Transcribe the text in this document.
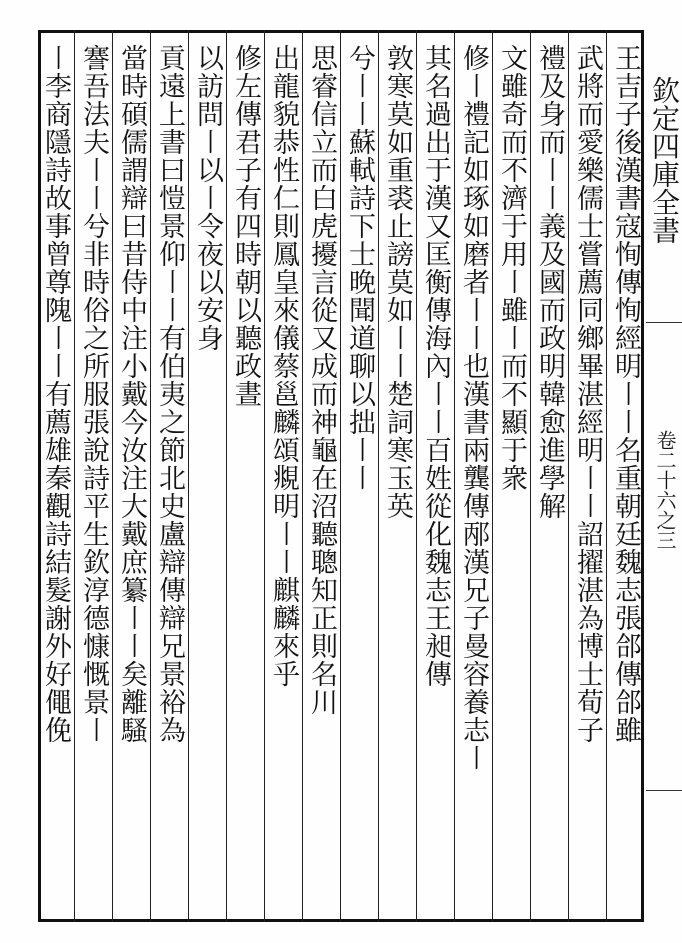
欽定四庫全書
卷二十六之三
王吉子後漢書寇恂傳恂經明〡〡名重朝廷魏志張郃傳郃雖
武將而愛樂儒士嘗薦同鄉畢湛經明〡〡詔擢湛為博士荀子
禮及身而〡〡義及國而政明韓愈進學解
文雖奇而不濟于用〡雖〡而不顯于衆
修〡禮記如琢如磨者〡〡也漢書兩龔傳邴漢兄子曼容養志〡
其名過出于漢又匡衡傳海內〡〡百姓從化魏志王昶傳
敦寒莫如重裘止謗莫如〡〡楚詞寒玉英
兮〡〡蘇軾詩下士晚聞道聊以拙〡〡
思睿信立而白虎擾言從又成而神龜在沼聽聰知正則名川
出龍貌恭性仁則鳳皇來儀蔡邕麟頌覜明〡〡麒麟來乎
修左傳君子有四時朝以聽政晝
以訪問〡以〡令夜以安身
貢遠上書曰愷景仰〡〡有伯夷之節北史盧辯傳辯兄景裕為
當時碩儒謂辯曰昔侍中注小戴今汝注大戴庶纂〡〡矣離騷
謇吾法夫〡〡兮非時俗之所服張說詩平生欽淳德慷慨景〡
〡李商隱詩故事曾尊隗〡〡有薦雄秦觀詩結髮謝外好僶俛
